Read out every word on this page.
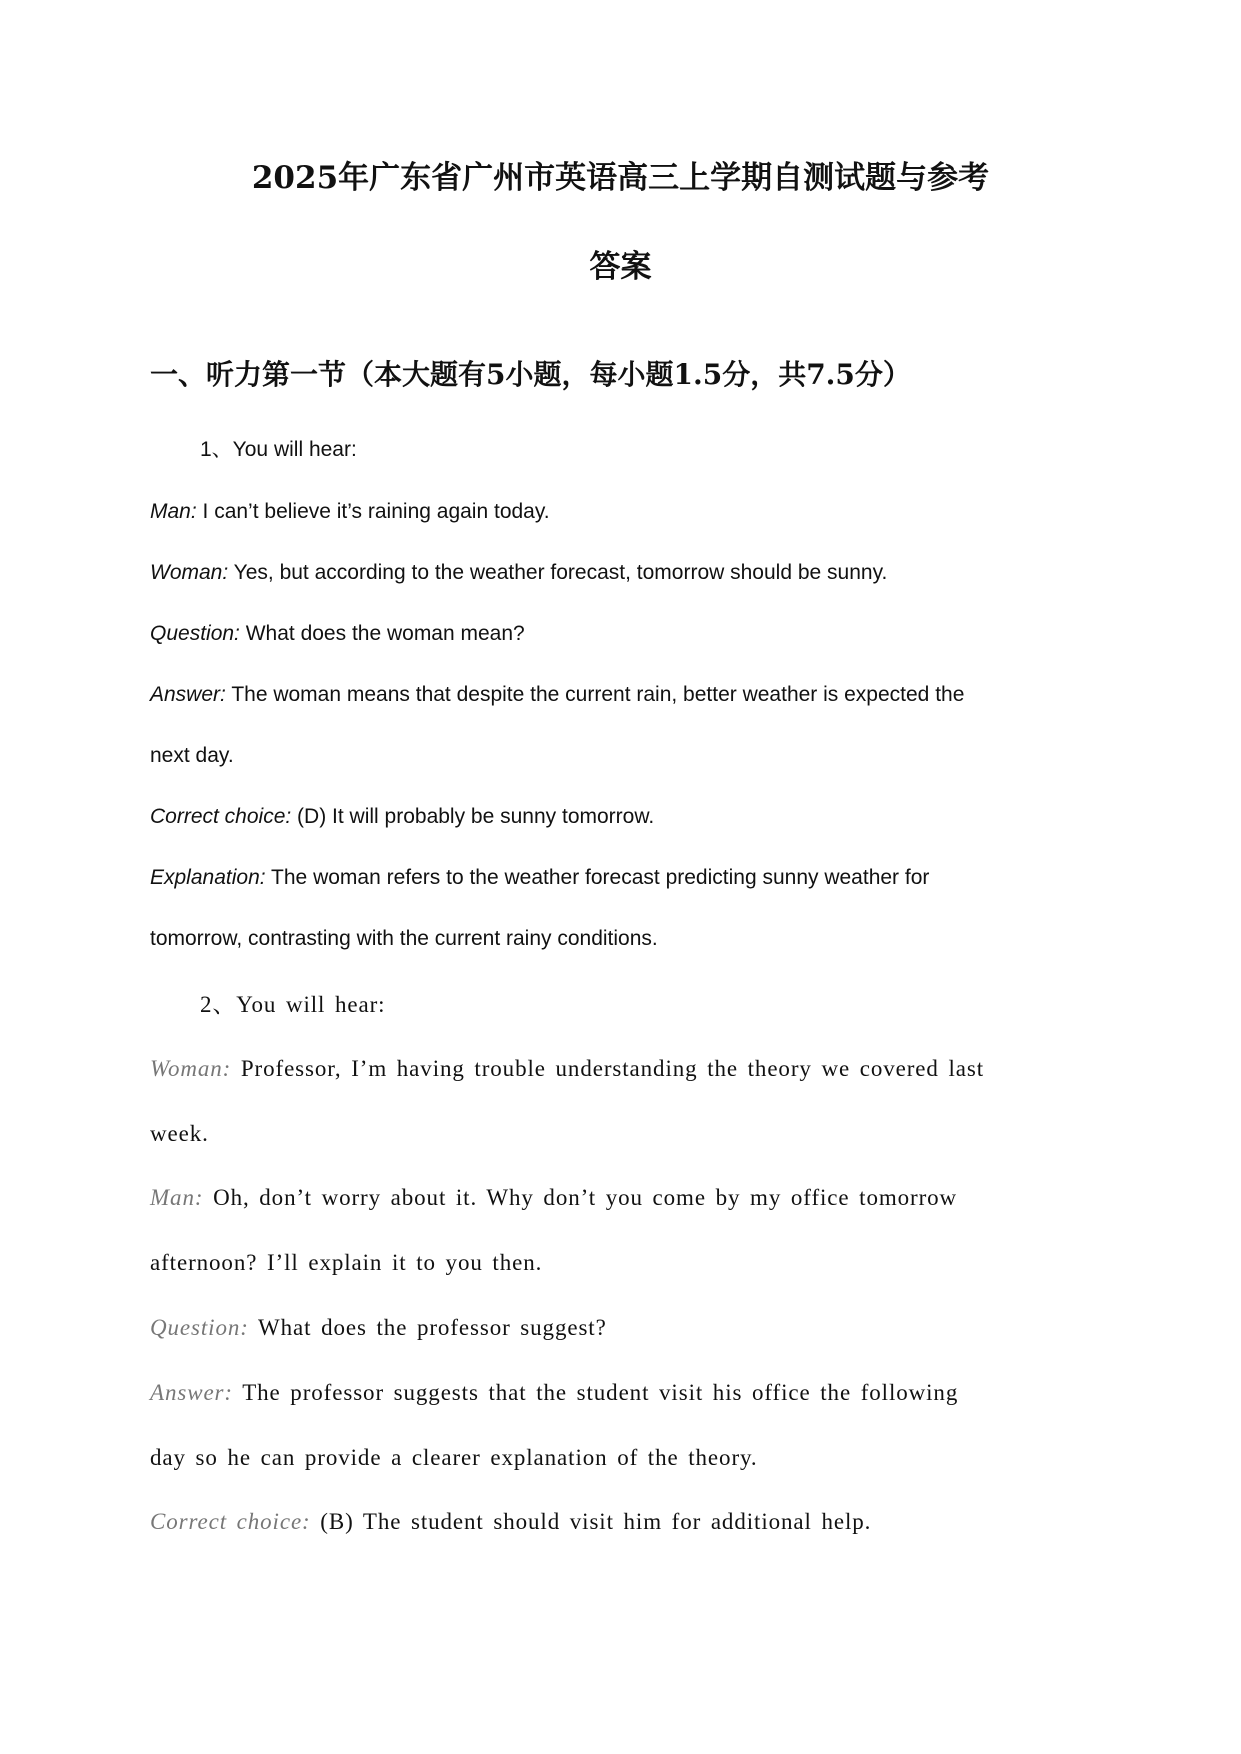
2025年广东省广州市英语高三上学期自测试题与参考
答案
一、听力第一节（本大题有5小题，每小题1.5分，共7.5分）

1、You will hear:

Man: I can’t believe it’s raining again today.

Woman: Yes, but according to the weather forecast, tomorrow should be sunny.

Question: What does the woman mean?

Answer: The woman means that despite the current rain, better weather is expected the

next day.

Correct choice: (D) It will probably be sunny tomorrow.

Explanation: The woman refers to the weather forecast predicting sunny weather for

tomorrow, contrasting with the current rainy conditions.

2、You will hear:

Woman: Professor, I’m having trouble understanding the theory we covered last

week.

Man: Oh, don’t worry about it. Why don’t you come by my office tomorrow

afternoon? I’ll explain it to you then.

Question: What does the professor suggest?

Answer: The professor suggests that the student visit his office the following

day so he can provide a clearer explanation of the theory.

Correct choice: (B) The student should visit him for additional help.
